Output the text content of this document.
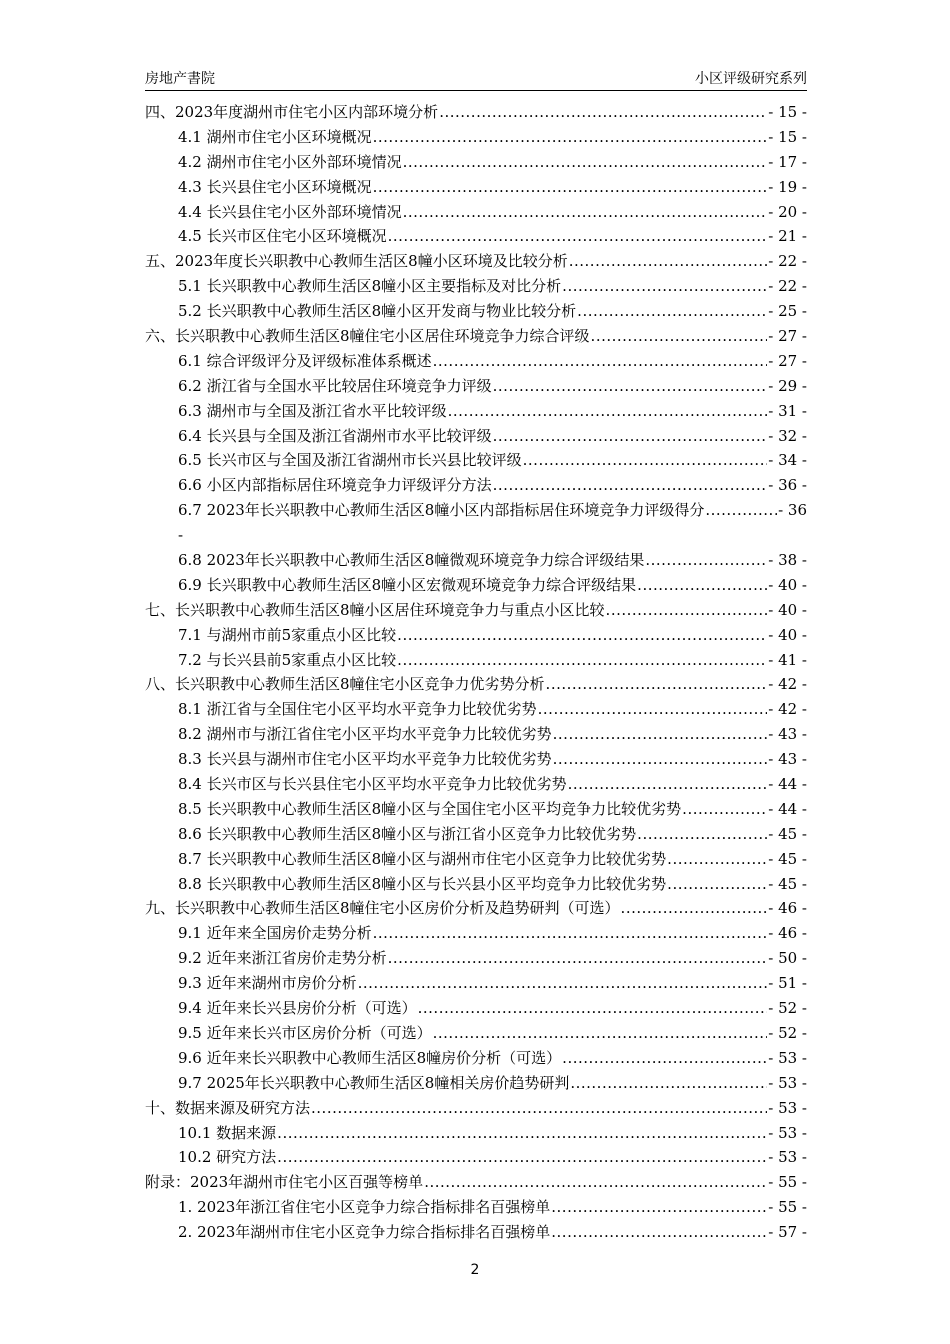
房地产書院	小区评级研究系列
四、2023年度湖州市住宅小区内部环境分析 .....	- 15 -
4.1 湖州市住宅小区环境概况 .....	- 15 -
4.2 湖州市住宅小区外部环境情况 .....	- 17 -
4.3 长兴县住宅小区环境概况 .....	- 19 -
4.4 长兴县住宅小区外部环境情况 .....	- 20 -
4.5 长兴市区住宅小区环境概况 .....	- 21 -
五、2023年度长兴职教中心教师生活区8幢小区环境及比较分析 .....	- 22 -
5.1 长兴职教中心教师生活区8幢小区主要指标及对比分析 .....	- 22 -
5.2 长兴职教中心教师生活区8幢小区开发商与物业比较分析 .....	- 25 -
六、长兴职教中心教师生活区8幢住宅小区居住环境竞争力综合评级 .....	- 27 -
6.1 综合评级评分及评级标准体系概述 .....	- 27 -
6.2 浙江省与全国水平比较居住环境竞争力评级 .....	- 29 -
6.3 湖州市与全国及浙江省水平比较评级 .....	- 31 -
6.4 长兴县与全国及浙江省湖州市水平比较评级 .....	- 32 -
6.5 长兴市区与全国及浙江省湖州市长兴县比较评级 .....	- 34 -
6.6 小区内部指标居住环境竞争力评级评分方法 .....	- 36 -
6.7 2023年长兴职教中心教师生活区8幢小区内部指标居住环境竞争力评级得分 .....	- 36
-
6.8 2023年长兴职教中心教师生活区8幢微观环境竞争力综合评级结果 .....	- 38 -
6.9 长兴职教中心教师生活区8幢小区宏微观环境竞争力综合评级结果 .....	- 40 -
七、长兴职教中心教师生活区8幢小区居住环境竞争力与重点小区比较 .....	- 40 -
7.1 与湖州市前5家重点小区比较 .....	- 40 -
7.2 与长兴县前5家重点小区比较 .....	- 41 -
八、长兴职教中心教师生活区8幢住宅小区竞争力优劣势分析 .....	- 42 -
8.1 浙江省与全国住宅小区平均水平竞争力比较优劣势 .....	- 42 -
8.2 湖州市与浙江省住宅小区平均水平竞争力比较优劣势 .....	- 43 -
8.3 长兴县与湖州市住宅小区平均水平竞争力比较优劣势 .....	- 43 -
8.4 长兴市区与长兴县住宅小区平均水平竞争力比较优劣势 .....	- 44 -
8.5 长兴职教中心教师生活区8幢小区与全国住宅小区平均竞争力比较优劣势 .....	- 44 -
8.6 长兴职教中心教师生活区8幢小区与浙江省小区竞争力比较优劣势 .....	- 45 -
8.7 长兴职教中心教师生活区8幢小区与湖州市住宅小区竞争力比较优劣势 .....	- 45 -
8.8 长兴职教中心教师生活区8幢小区与长兴县小区平均竞争力比较优劣势 .....	- 45 -
九、长兴职教中心教师生活区8幢住宅小区房价分析及趋势研判（可选） .....	- 46 -
9.1 近年来全国房价走势分析 .....	- 46 -
9.2 近年来浙江省房价走势分析 .....	- 50 -
9.3 近年来湖州市房价分析 .....	- 51 -
9.4 近年来长兴县房价分析（可选） .....	- 52 -
9.5 近年来长兴市区房价分析（可选） .....	- 52 -
9.6 近年来长兴职教中心教师生活区8幢房价分析（可选） .....	- 53 -
9.7 2025年长兴职教中心教师生活区8幢相关房价趋势研判 .....	- 53 -
十、数据来源及研究方法 .....	- 53 -
10.1 数据来源 .....	- 53 -
10.2 研究方法 .....	- 53 -
附录：2023年湖州市住宅小区百强等榜单 .....	- 55 -
1. 2023年浙江省住宅小区竞争力综合指标排名百强榜单 .....	- 55 -
2. 2023年湖州市住宅小区竞争力综合指标排名百强榜单 .....	- 57 -
2
